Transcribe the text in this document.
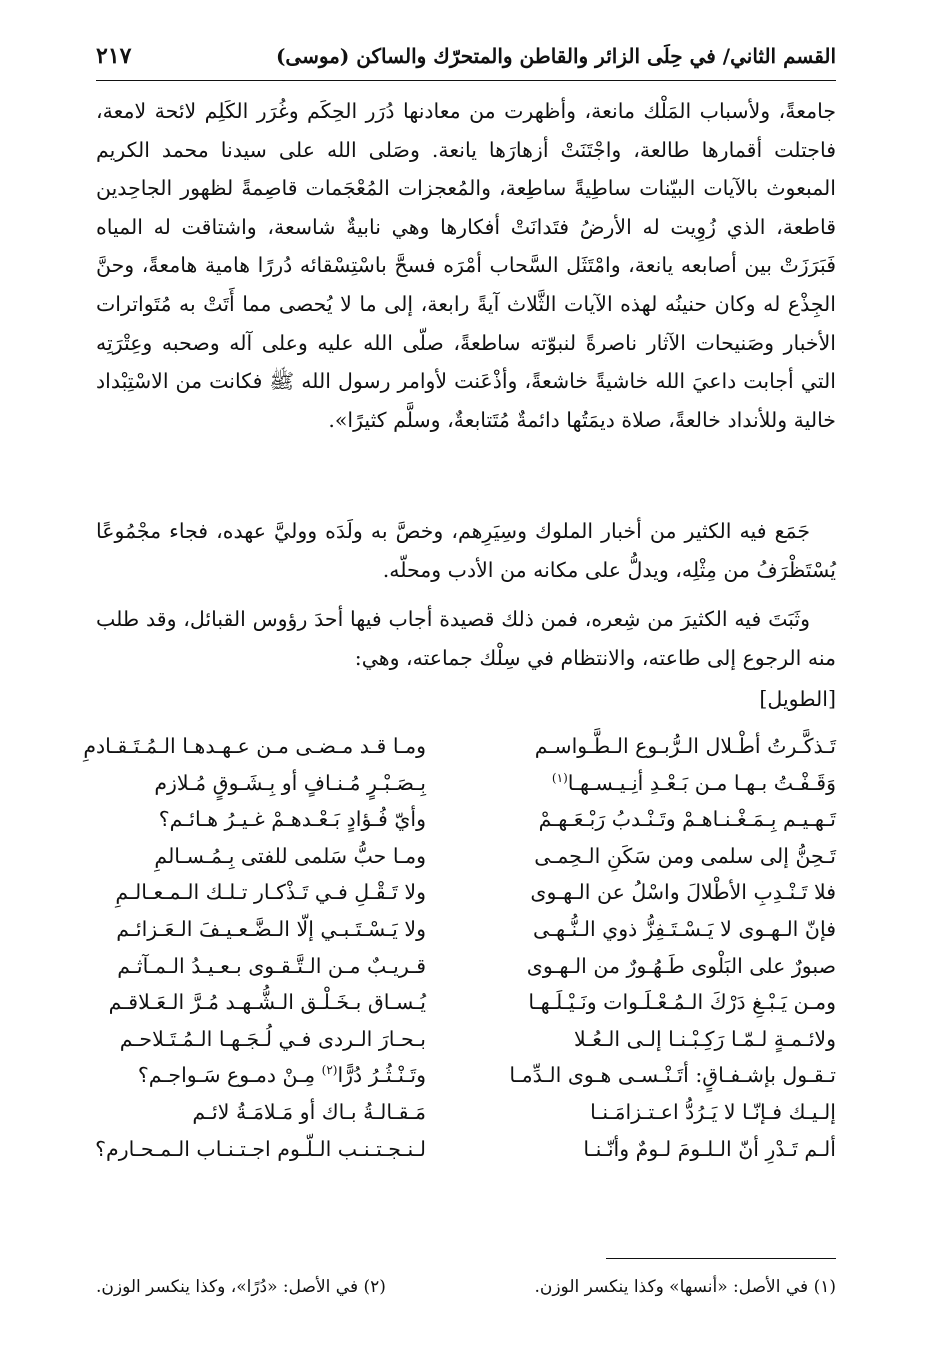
القسم الثاني/ في حِلَى الزائر والقاطن والمتحرّك والساكن (موسى)
٢١٧

جامعةً، ولأسباب المَلْك مانعة، وأظهرت من معادنها دُرَر الحِكَم وغُرَر الكَلِم لائحة لامعة، فاجتلت أقمارها طالعة، واجْتَنَتْ أزهارَها يانعة. وصَلى الله على سيدنا محمد الكريم المبعوث بالآيات البيّنات ساطِيةً ساطِعة، والمُعجزات المُعْجَمات قاصِمةً لظهور الجاحِدين قاطعة، الذي زُوِيت له الأرضُ فتَدانَتْ أفكارها وهي نابيةٌ شاسعة، واشتاقت له المياه فَبَرَزَتْ بين أصابعه يانعة، وامْتَثَل السَّحاب أمْرَه فسحَّ باسْتِسْقائه دُررًا هامية هامعةً، وحنَّ الجِذْع له وكان حنينُه لهذه الآيات الثَّلاث آيةً رابعة، إلى ما لا يُحصى مما أَتَتْ به مُتَواترات الأخبار وصَنيحات الآثار ناصرةً لنبوّته ساطعةً، صلّى الله عليه وعلى آله وصحبه وعِتْرَتِه التي أجابت داعيَ الله خاشيةً خاشعةً، وأذْعَنت لأوامر رسول الله ﷺ فكانت من الاسْتِبْداد خالية وللأنداد خالعةً، صلاة ديمَتُها دائمةٌ مُتَتابعةٌ، وسلَّم كثيرًا».

جَمَع فيه الكثير من أخبار الملوك وسِيَرِهم، وخصَّ به ولَدَه ووليَّ عهده، فجاء مجْمُوعًا يُسْتَظْرَفُ من مِثْلِه، ويدلُّ على مكانه من الأدب ومحلّه.

وثَبَتَ فيه الكثيرَ من شِعره، فمن ذلك قصيدة أجاب فيها أحدَ رؤوس القبائل، وقد طلب منه الرجوع إلى طاعته، والانتظام في سِلْك جماعته، وهي:

[الطويل]
تَـذكَّـرتُ أطْـلال الـرُّبـوع الـطَّـواسـم
ومـا قـد مـضـى مـن عـهـدهـا الـمُـتَـقـادمِ
وَقَـفْـتُ بـهـا مـن بَـعْـدِ أنِـيـسـهـا$^{(١)}$
بِـصَـبْـرٍ مُـنـافٍ أو بِـشَـوقٍ مُـلازم
تَـهـيـم بِـمَـغْـنـاهـمْ وتَـنْـدبُ رَبْـعَـهـمْ
وأيّ فُـؤادٍ بَـعْـدهـمْ غـيـرُ هـائـم؟
تَـحِنُّ إلى سلمى ومن سَكَنِ الـحِمـى
ومـا حبُّ سَلمى للفتى بِـمُـسـالمِ
فلا تَـنْـدِبِ الأطْلالَ واسْلُ عن الـهـوى
ولا تَـقْـلِ فـي تَـذْكـار تـلـك الـمـعـالـمِ
فإنّ الـهـوى لا يَـسْـتَـفِزُّ ذوي الـنُّـهـى
ولا يَـسْـتَـبـي إلّا الـضَّـعـيـفَ الـعَـزائـم
صبورٌ على البَلْوى طَـهُـورٌ من الـهـوى
قـريـبٌ مـن الـتَّـقـوى بـعـيـدُ الـمـآثـم
ومـن يَـبْـغِ دَرْكَ الـمُـعْـلَـوات ونَـيْـلَـهـا
يُـسـاق بـخَـلْـق الـشُّـهـد مُـرَّ الـعَـلاقـم
ولائـمـةٍ لـمّـا رَكِـبْـنـا إلـى الـعُـلا
بـحـارَ الـردى فـي لُـجَـهـا الـمُـتَـلاحـم
تـقـول بإشـفـاقٍ: أتَـنْـسـى هـوى الـدِّمـا
وتَـنْـثُـرُ دُرًّا$^{(٢)}$ مِـنْ دمـوع سَـواجـم؟
إلـيـك فـإنّـا لا يَـرُدُّ اعـتـزامَـنـا
مَـقـالـةُ بـاك أو مَـلامَـةُ لائـم
ألـم تَـدْرِ أنّ الـلـومَ لـومٌ وأنّـنـا
لـنـجـتـنـب الـلّـوم اجـتـنـاب الـمـحـارم؟
(١) في الأصل: «أنسها» وكذا ينكسر الوزن.
(٢) في الأصل: «دُرًا»، وكذا ينكسر الوزن.
